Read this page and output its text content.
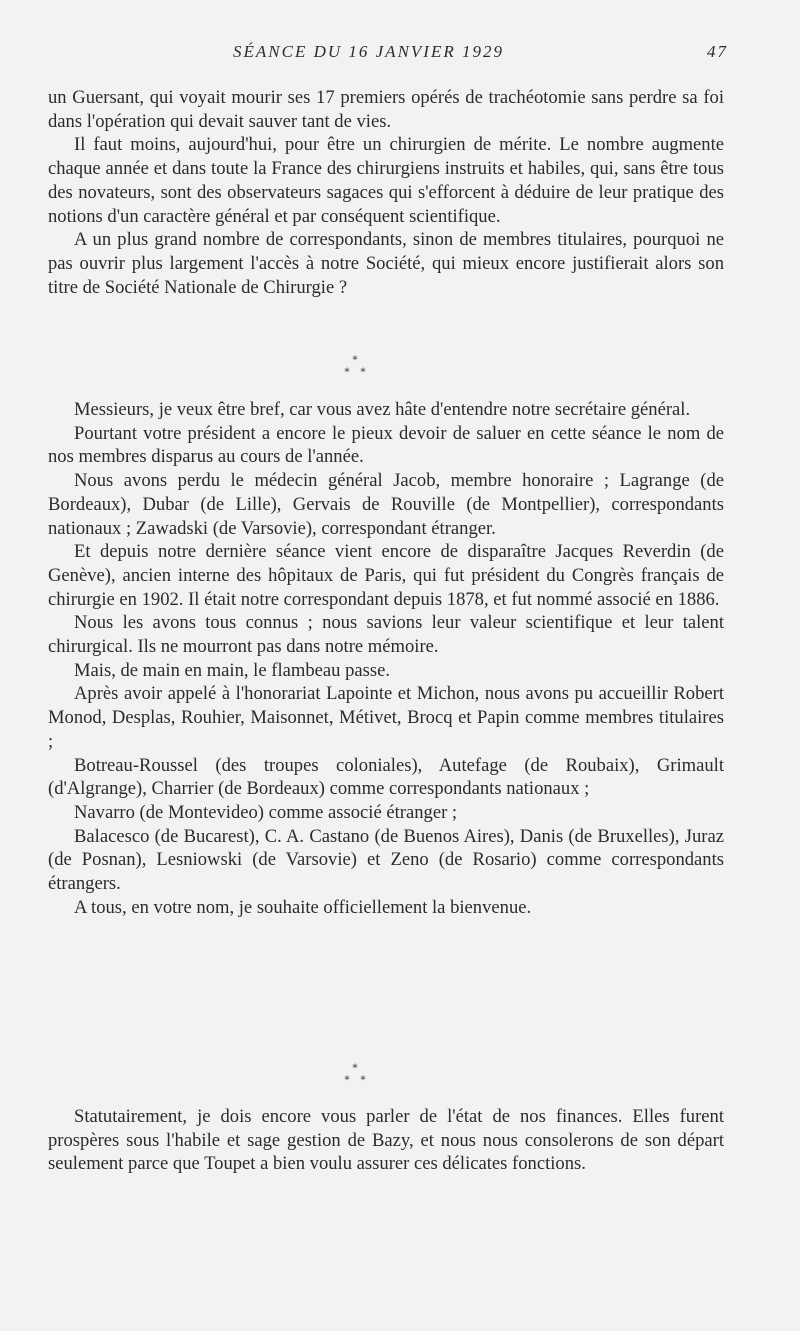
SÉANCE DU 16 JANVIER 1929	47

un Guersant, qui voyait mourir ses 17 premiers opérés de trachéotomie sans perdre sa foi dans l'opération qui devait sauver tant de vies.

Il faut moins, aujourd'hui, pour être un chirurgien de mérite. Le nombre augmente chaque année et dans toute la France des chirurgiens instruits et habiles, qui, sans être tous des novateurs, sont des observateurs sagaces qui s'efforcent à déduire de leur pratique des notions d'un caractère général et par conséquent scientifique.

A un plus grand nombre de correspondants, sinon de membres titulaires, pourquoi ne pas ouvrir plus largement l'accès à notre Société, qui mieux encore justifierait alors son titre de Société Nationale de Chirurgie ?

*
* *

Messieurs, je veux être bref, car vous avez hâte d'entendre notre secrétaire général.

Pourtant votre président a encore le pieux devoir de saluer en cette séance le nom de nos membres disparus au cours de l'année.

Nous avons perdu le médecin général Jacob, membre honoraire ; Lagrange (de Bordeaux), Dubar (de Lille), Gervais de Rouville (de Montpellier), correspondants nationaux ; Zawadski (de Varsovie), correspondant étranger.

Et depuis notre dernière séance vient encore de disparaître Jacques Reverdin (de Genève), ancien interne des hôpitaux de Paris, qui fut président du Congrès français de chirurgie en 1902. Il était notre correspondant depuis 1878, et fut nommé associé en 1886.

Nous les avons tous connus ; nous savions leur valeur scientifique et leur talent chirurgical. Ils ne mourront pas dans notre mémoire.

Mais, de main en main, le flambeau passe.

Après avoir appelé à l'honorariat Lapointe et Michon, nous avons pu accueillir Robert Monod, Desplas, Rouhier, Maisonnet, Métivet, Brocq et Papin comme membres titulaires ;

Botreau-Roussel (des troupes coloniales), Autefage (de Roubaix), Grimault (d'Algrange), Charrier (de Bordeaux) comme correspondants nationaux ;

Navarro (de Montevideo) comme associé étranger ;

Balacesco (de Bucarest), C. A. Castano (de Buenos Aires), Danis (de Bruxelles), Juraz (de Posnan), Lesniowski (de Varsovie) et Zeno (de Rosario) comme correspondants étrangers.

A tous, en votre nom, je souhaite officiellement la bienvenue.

*
* *

Statutairement, je dois encore vous parler de l'état de nos finances. Elles furent prospères sous l'habile et sage gestion de Bazy, et nous nous consolerons de son départ seulement parce que Toupet a bien voulu assurer ces délicates fonctions.
